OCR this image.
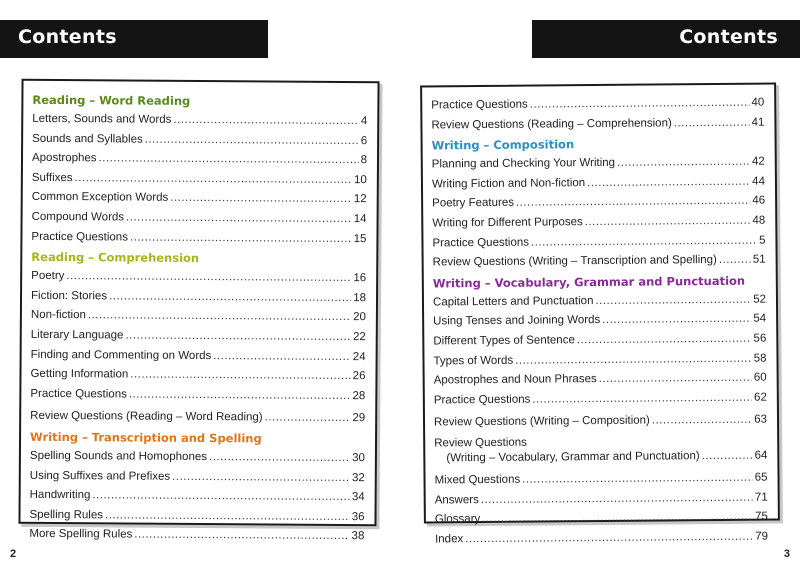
Contents	Contents
Reading – Word Reading
Letters, Sounds and Words .....	4
Sounds and Syllables .....	6
Apostrophes .....	8
Suffixes .....	10
Common Exception Words .....	12
Compound Words .....	14
Practice Questions .....	15
Reading – Comprehension
Poetry .....	16
Fiction: Stories .....	18
Non-fiction .....	20
Literary Language .....	22
Finding and Commenting on Words .....	24
Getting Information .....	26
Practice Questions .....	28
Review Questions (Reading – Word Reading) .....	29
Writing – Transcription and Spelling
Spelling Sounds and Homophones .....	30
Using Suffixes and Prefixes .....	32
Handwriting .....	34
Spelling Rules .....	36
More Spelling Rules .....	38
Practice Questions .....	40
Review Questions (Reading – Comprehension) .....	41
Writing – Composition
Planning and Checking Your Writing .....	42
Writing Fiction and Non-fiction .....	44
Poetry Features .....	46
Writing for Different Purposes .....	48
Practice Questions .....	5
Review Questions (Writing – Transcription and Spelling) .....	51
Writing – Vocabulary, Grammar and Punctuation
Capital Letters and Punctuation .....	52
Using Tenses and Joining Words .....	54
Different Types of Sentence .....	56
Types of Words .....	58
Apostrophes and Noun Phrases .....	60
Practice Questions .....	62
Review Questions (Writing – Composition) .....	63
Review Questions
(Writing – Vocabulary, Grammar and Punctuation) .....	64
Mixed Questions .....	65
Answers .....	71
Glossary .....	75
Index .....	79
2	3
